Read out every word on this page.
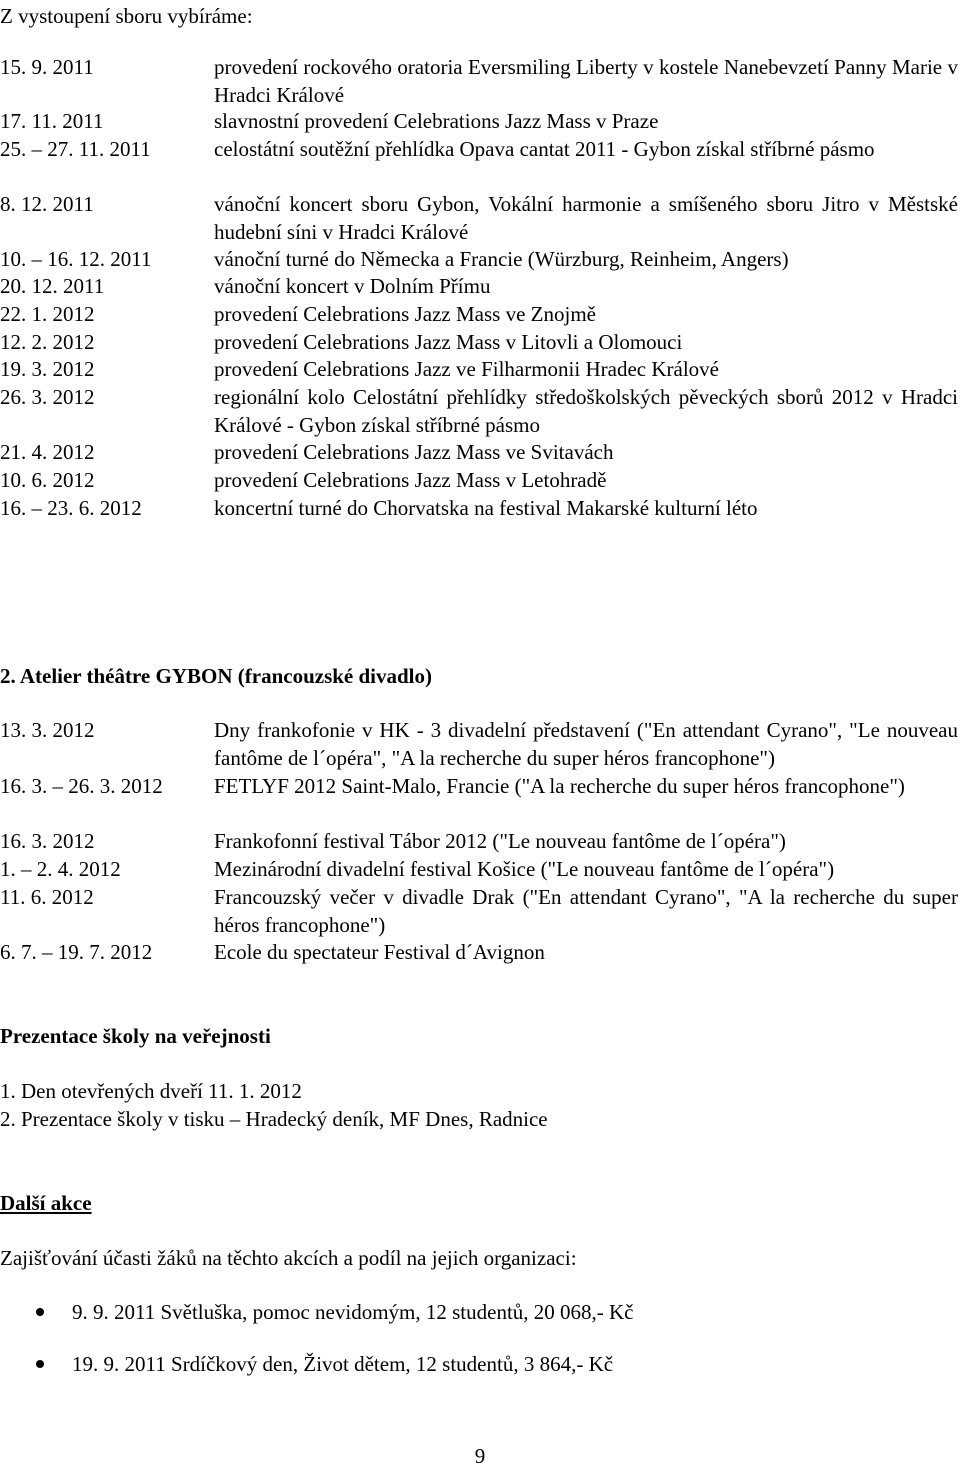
Z vystoupení sboru vybíráme:
15. 9. 2011	provedení rockového oratoria Eversmiling Liberty v kostele Nanebevzetí Panny Marie v Hradci Králové
17. 11. 2011	slavnostní provedení Celebrations Jazz Mass v Praze
25. – 27. 11. 2011	celostátní soutěžní přehlídka Opava cantat 2011 - Gybon získal stříbrné pásmo
8. 12. 2011	vánoční koncert sboru Gybon, Vokální harmonie a smíšeného sboru Jitro v Městské hudební síni v Hradci Králové
10. – 16. 12. 2011	vánoční turné do Německa a Francie (Würzburg, Reinheim, Angers)
20. 12. 2011	vánoční koncert v Dolním Přímu
22. 1. 2012	provedení Celebrations Jazz Mass ve Znojmě
12. 2. 2012	provedení Celebrations Jazz Mass v Litovli a Olomouci
19. 3. 2012	provedení Celebrations Jazz ve Filharmonii Hradec Králové
26. 3. 2012	regionální kolo Celostátní přehlídky středoškolských pěveckých sborů 2012 v Hradci Králové - Gybon získal stříbrné pásmo
21. 4. 2012	provedení Celebrations Jazz Mass ve Svitavách
10. 6. 2012	provedení Celebrations Jazz Mass v Letohradě
16. – 23. 6. 2012	koncertní turné do Chorvatska na festival Makarské kulturní léto
2. Atelier théâtre GYBON (francouzské divadlo)
13. 3. 2012	Dny frankofonie v HK - 3 divadelní představení ("En attendant Cyrano", "Le nouveau fantôme de l´opéra", "A la recherche du super héros francophone")
16. 3. – 26. 3. 2012 FETLYF 2012 Saint-Malo, Francie ("A la recherche du super héros francophone")
16. 3. 2012	Frankofonní festival Tábor 2012 ("Le nouveau fantôme de l´opéra")
1. – 2. 4. 2012	Mezinárodní divadelní festival Košice ("Le nouveau fantôme de l´opéra")
11. 6. 2012	Francouzský večer v divadle Drak ("En attendant Cyrano", "A la recherche du super héros francophone")
6. 7. – 19. 7. 2012	Ecole du spectateur Festival d´Avignon
Prezentace školy na veřejnosti
1. Den otevřených dveří 11. 1. 2012
2. Prezentace školy v tisku – Hradecký deník, MF Dnes, Radnice
Další akce
Zajišťování účasti žáků na těchto akcích a podíl na jejich organizaci:
9. 9. 2011 Světluška, pomoc nevidomým, 12 studentů, 20 068,- Kč
19. 9. 2011 Srdíčkový den, Život dětem, 12 studentů, 3 864,- Kč
9
